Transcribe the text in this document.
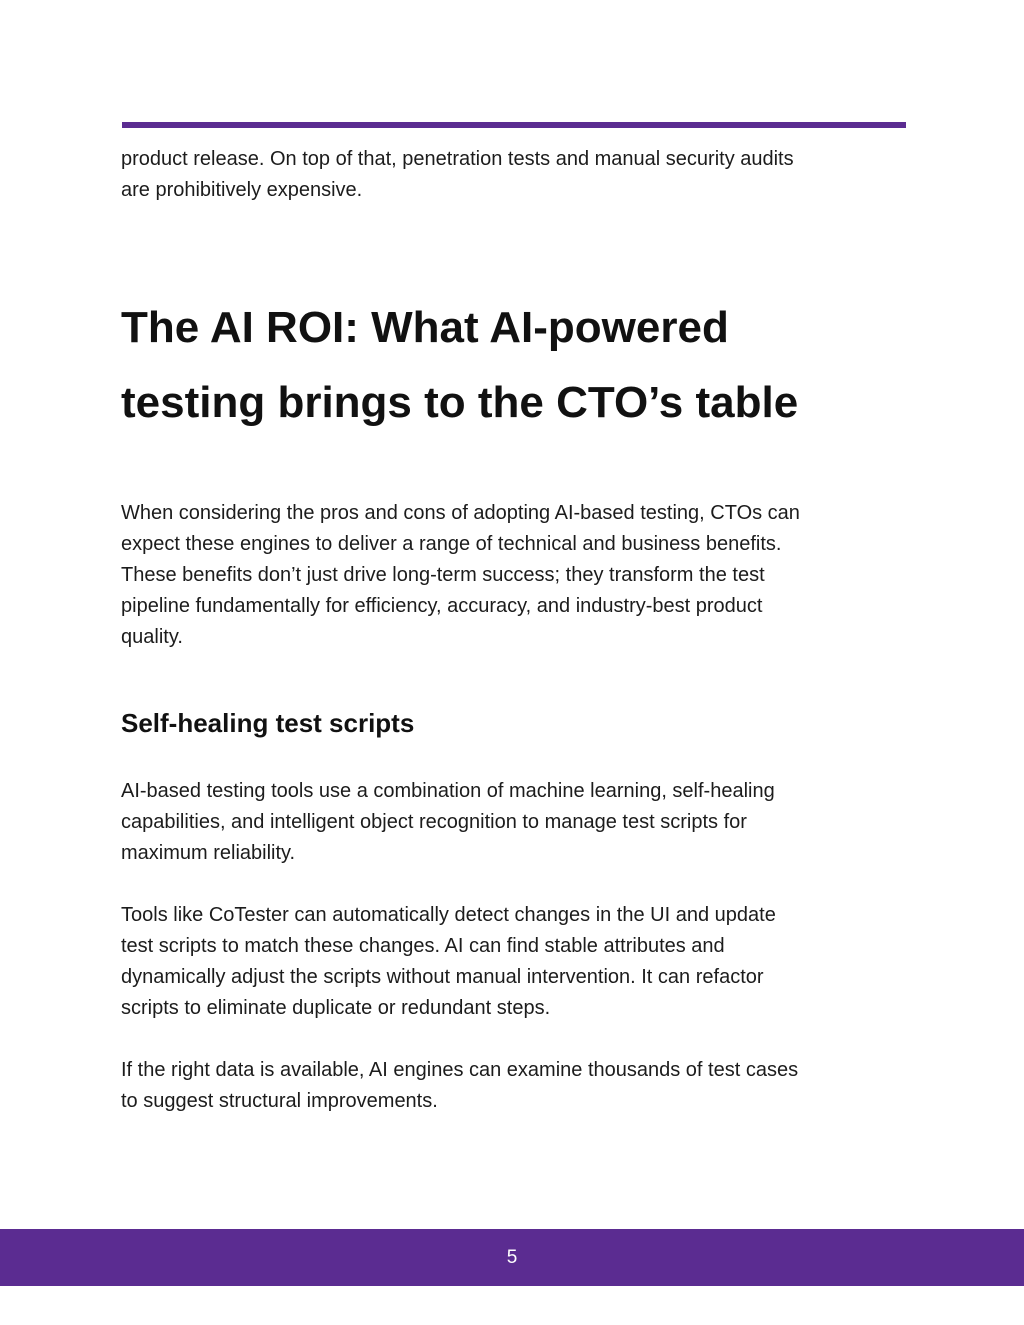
product release. On top of that, penetration tests and manual security audits
are prohibitively expensive.

The AI ROI: What AI-powered
testing brings to the CTO’s table

When considering the pros and cons of adopting AI-based testing, CTOs can
expect these engines to deliver a range of technical and business benefits.
These benefits don’t just drive long-term success; they transform the test
pipeline fundamentally for efficiency, accuracy, and industry-best product
quality.

Self-healing test scripts

AI-based testing tools use a combination of machine learning, self-healing
capabilities, and intelligent object recognition to manage test scripts for
maximum reliability.

Tools like CoTester can automatically detect changes in the UI and update
test scripts to match these changes. AI can find stable attributes and
dynamically adjust the scripts without manual intervention. It can refactor
scripts to eliminate duplicate or redundant steps.

If the right data is available, AI engines can examine thousands of test cases
to suggest structural improvements.

5
